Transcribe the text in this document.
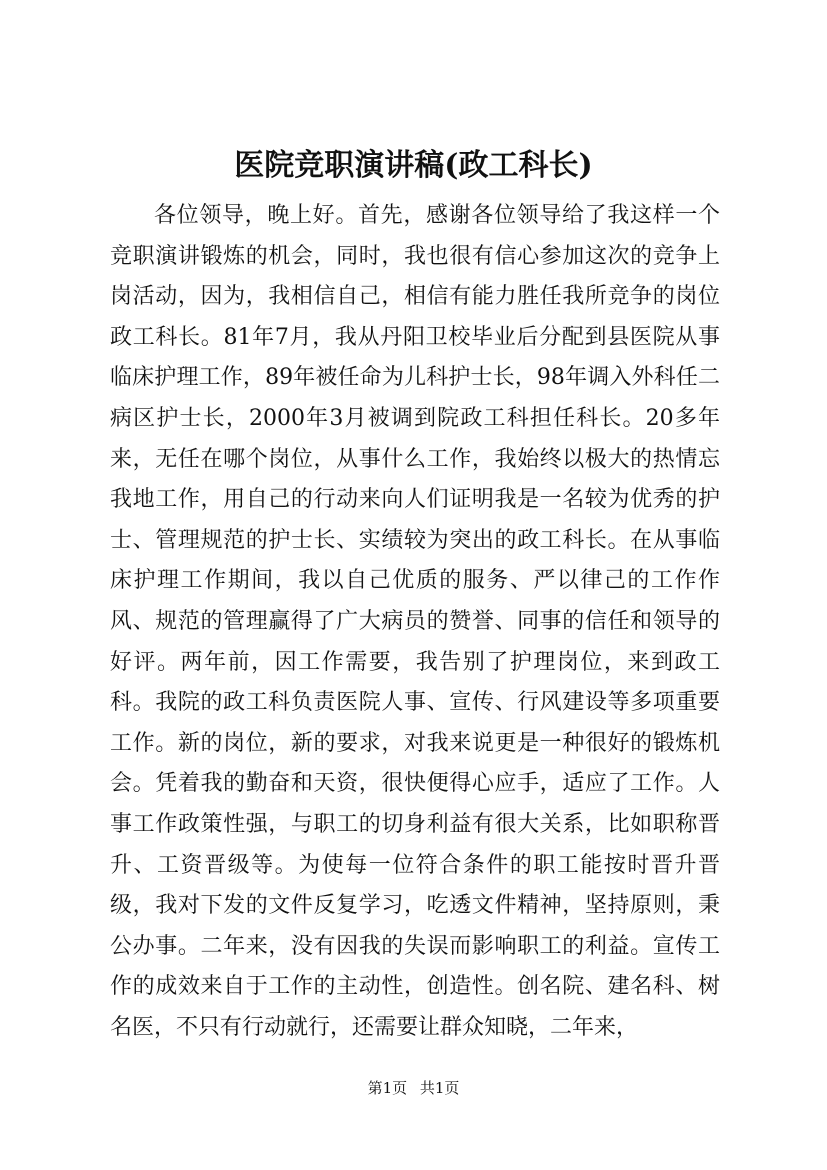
医院竞职演讲稿(政工科长)

各位领导，晚上好。首先，感谢各位领导给了我这样一个竞职演讲锻炼的机会，同时，我也很有信心参加这次的竞争上岗活动，因为，我相信自己，相信有能力胜任我所竞争的岗位政工科长。81年7月，我从丹阳卫校毕业后分配到县医院从事临床护理工作，89年被任命为儿科护士长，98年调入外科任二病区护士长，2000年3月被调到院政工科担任科长。20多年来，无任在哪个岗位，从事什么工作，我始终以极大的热情忘我地工作，用自己的行动来向人们证明我是一名较为优秀的护士、管理规范的护士长、实绩较为突出的政工科长。在从事临床护理工作期间，我以自己优质的服务、严以律己的工作作风、规范的管理赢得了广大病员的赞誉、同事的信任和领导的好评。两年前，因工作需要，我告别了护理岗位，来到政工科。我院的政工科负责医院人事、宣传、行风建设等多项重要工作。新的岗位，新的要求，对我来说更是一种很好的锻炼机会。凭着我的勤奋和天资，很快便得心应手，适应了工作。人事工作政策性强，与职工的切身利益有很大关系，比如职称晋升、工资晋级等。为使每一位符合条件的职工能按时晋升晋级，我对下发的文件反复学习，吃透文件精神，坚持原则，秉公办事。二年来，没有因我的失误而影响职工的利益。宣传工作的成效来自于工作的主动性，创造性。创名院、建名科、树名医，不只有行动就行，还需要让群众知晓，二年来，

第1页 共1页
